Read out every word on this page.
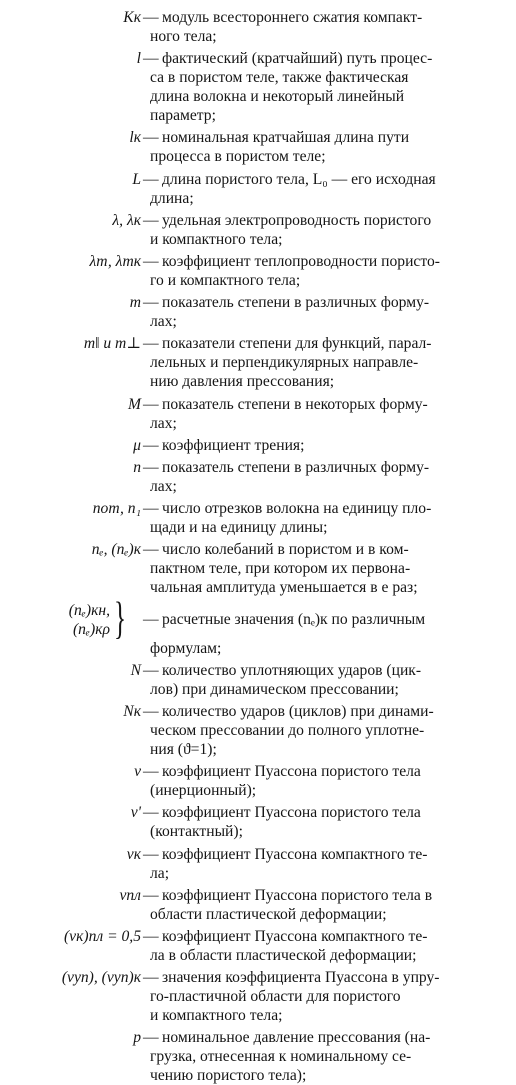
Kк — модуль всестороннего сжатия компакт-
ного тела;
l — фактический (кратчайший) путь процес-
са в пористом теле, также фактическая
длина волокна и некоторый линейный
параметр;
lк — номинальная кратчайшая длина пути
процесса в пористом теле;
L — длина пористого тела, L₀ — его исходная
длина;
λ, λк — удельная электропроводность пористого
и компактного тела;
λт, λтк — коэффициент теплопроводности пористо-
го и компактного тела;
m — показатель степени в различных форму-
лах;
m‖ и m⊥ — показатели степени для функций, парал-
лельных и перпендикулярных направле-
нию давления прессования;
M — показатель степени в некоторых форму-
лах;
μ — коэффициент трения;
n — показатель степени в различных форму-
лах;
nот, n₁ — число отрезков волокна на единицу пло-
щади и на единицу длины;
nₑ, (nₑ)к — число колебаний в пористом и в ком-
пактном теле, при котором их первона-
чальная амплитуда уменьшается в e раз;
(nₑ)кн,
(nₑ)кρ } — расчетные значения (nₑ)к по различным
формулам;
N — количество уплотняющих ударов (цик-
лов) при динамическом прессовании;
Nк — количество ударов (циклов) при динами-
ческом прессовании до полного уплотне-
ния (ϑ=1);
ν — коэффициент Пуассона пористого тела
(инерционный);
ν' — коэффициент Пуассона пористого тела
(контактный);
νк — коэффициент Пуассона компактного те-
ла;
νпл — коэффициент Пуассона пористого тела в
области пластической деформации;
(νк)пл = 0,5 — коэффициент Пуассона компактного те-
ла в области пластической деформации;
(νуп), (νуп)к — значения коэффициента Пуассона в упру-
го-пластичной области для пористого
и компактного тела;
p — номинальное давление прессования (на-
грузка, отнесенная к номинальному се-
чению пористого тела);
